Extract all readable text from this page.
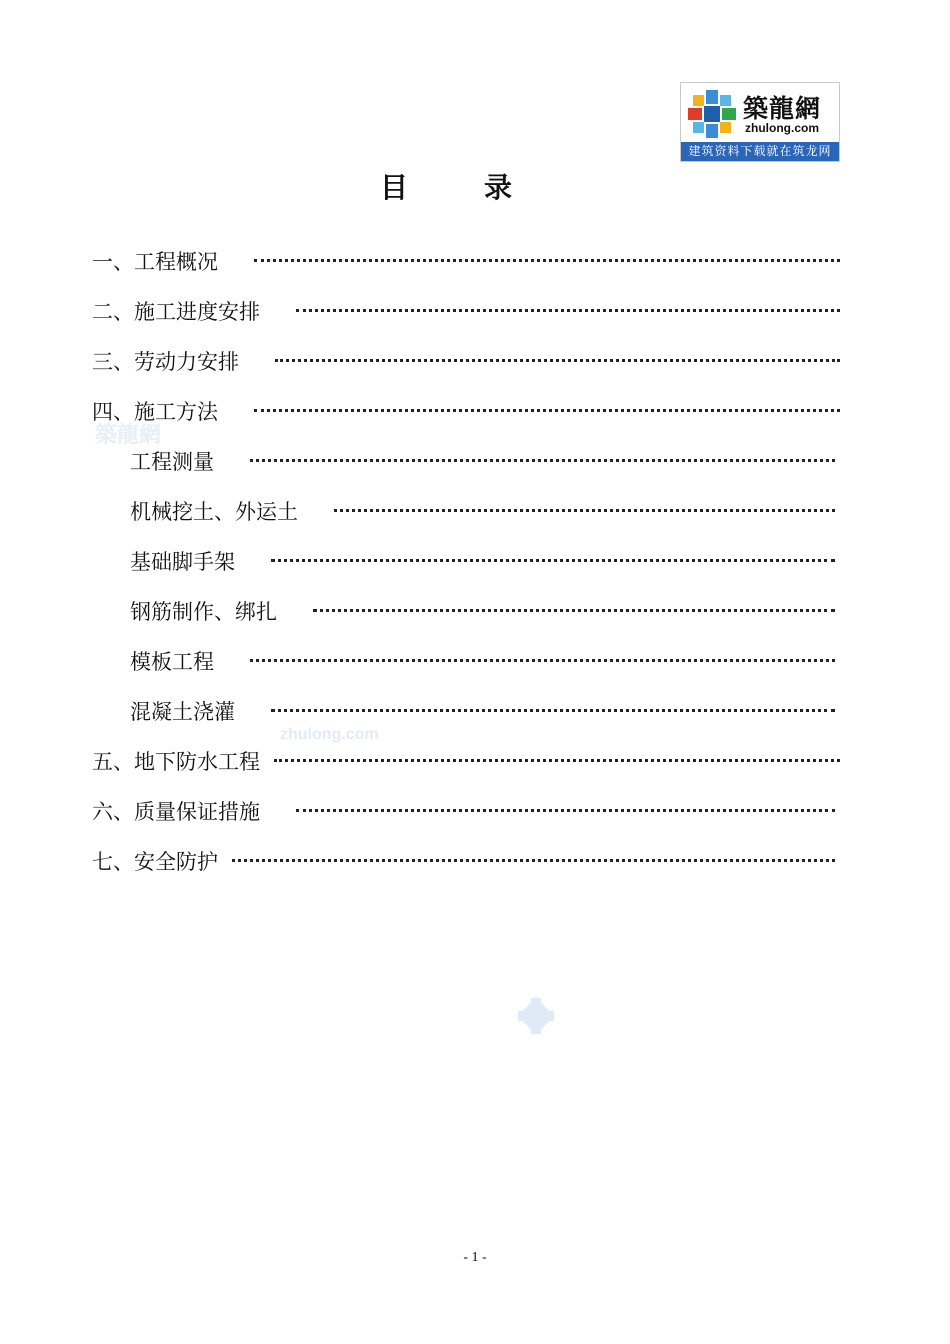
築龍網
zhulong.com
建筑资料下载就在筑龙网
目	录
築龍網
zhulong.com
一、工程概况
二、施工进度安排
三、劳动力安排
四、施工方法
工程测量
机械挖土、外运土
基础脚手架
钢筋制作、绑扎
模板工程
混凝土浇灌
五、地下防水工程
六、质量保证措施
七、安全防护
- 1 -
